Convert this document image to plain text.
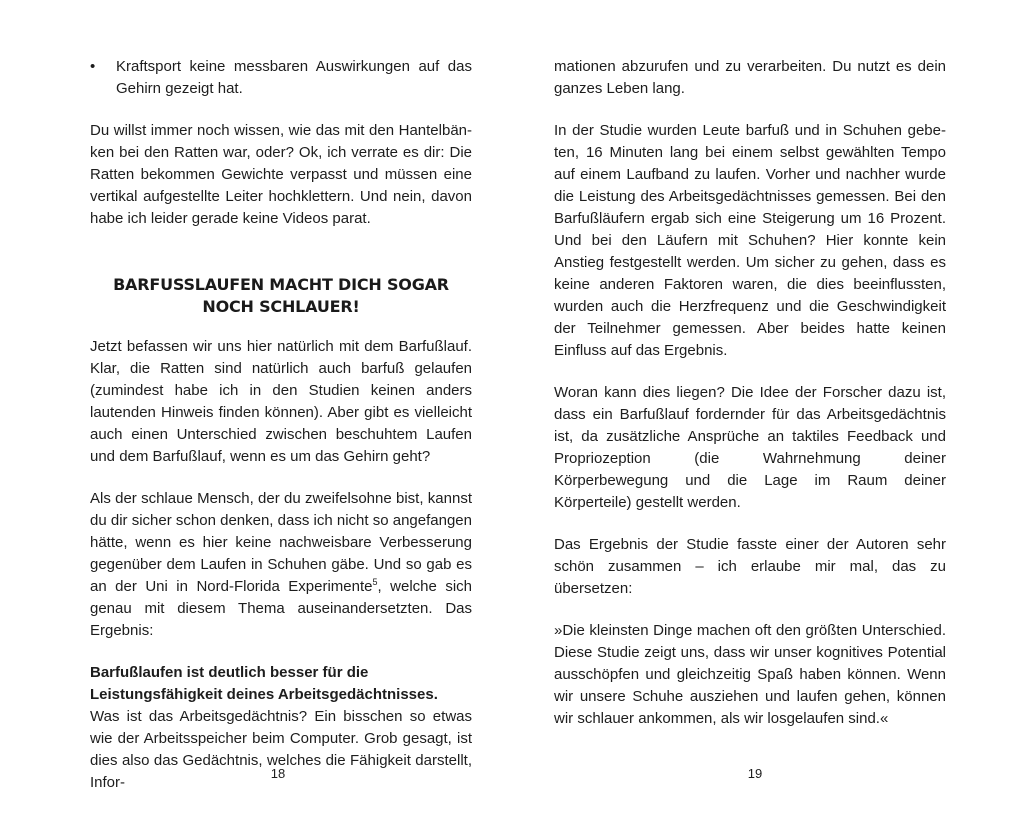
• Kraftsport keine messbaren Auswirkungen auf das Gehirn gezeigt hat.

Du willst immer noch wissen, wie das mit den Hantelbänken bei den Ratten war, oder? Ok, ich verrate es dir: Die Ratten bekommen Gewichte verpasst und müssen eine vertikal aufgestellte Leiter hochklettern. Und nein, davon habe ich leider gerade keine Videos parat.

BARFUSSLAUFEN MACHT DICH SOGAR NOCH SCHLAUER!

Jetzt befassen wir uns hier natürlich mit dem Barfußlauf. Klar, die Ratten sind natürlich auch barfuß gelaufen (zumindest habe ich in den Studien keinen anders lautenden Hinweis finden können). Aber gibt es vielleicht auch einen Unterschied zwischen beschuhtem Laufen und dem Barfußlauf, wenn es um das Gehirn geht?

Als der schlaue Mensch, der du zweifelsohne bist, kannst du dir sicher schon denken, dass ich nicht so angefangen hätte, wenn es hier keine nachweisbare Verbesserung gegenüber dem Laufen in Schuhen gäbe. Und so gab es an der Uni in Nord-Florida Experimente$^5$, welche sich genau mit diesem Thema auseinandersetzten. Das Ergebnis:

Barfußlaufen ist deutlich besser für die Leistungsfähigkeit deines Arbeitsgedächtnisses.

Was ist das Arbeitsgedächtnis? Ein bisschen so etwas wie der Arbeitsspeicher beim Computer. Grob gesagt, ist dies also das Gedächtnis, welches die Fähigkeit darstellt, Infor-

18

mationen abzurufen und zu verarbeiten. Du nutzt es dein ganzes Leben lang.

In der Studie wurden Leute barfuß und in Schuhen gebeten, 16 Minuten lang bei einem selbst gewählten Tempo auf einem Laufband zu laufen. Vorher und nachher wurde die Leistung des Arbeitsgedächtnisses gemessen. Bei den Barfußläufern ergab sich eine Steigerung um 16 Prozent. Und bei den Läufern mit Schuhen? Hier konnte kein Anstieg festgestellt werden. Um sicher zu gehen, dass es keine anderen Faktoren waren, die dies beeinflussten, wurden auch die Herzfrequenz und die Geschwindigkeit der Teilnehmer gemessen. Aber beides hatte keinen Einfluss auf das Ergebnis.

Woran kann dies liegen? Die Idee der Forscher dazu ist, dass ein Barfußlauf fordernder für das Arbeitsgedächtnis ist, da zusätzliche Ansprüche an taktiles Feedback und Propriozeption (die Wahrnehmung deiner Körperbewegung und die Lage im Raum deiner Körperteile) gestellt werden.

Das Ergebnis der Studie fasste einer der Autoren sehr schön zusammen – ich erlaube mir mal, das zu übersetzen:

»Die kleinsten Dinge machen oft den größten Unterschied. Diese Studie zeigt uns, dass wir unser kognitives Potential ausschöpfen und gleichzeitig Spaß haben können. Wenn wir unsere Schuhe ausziehen und laufen gehen, können wir schlauer ankommen, als wir losgelaufen sind.«

19
